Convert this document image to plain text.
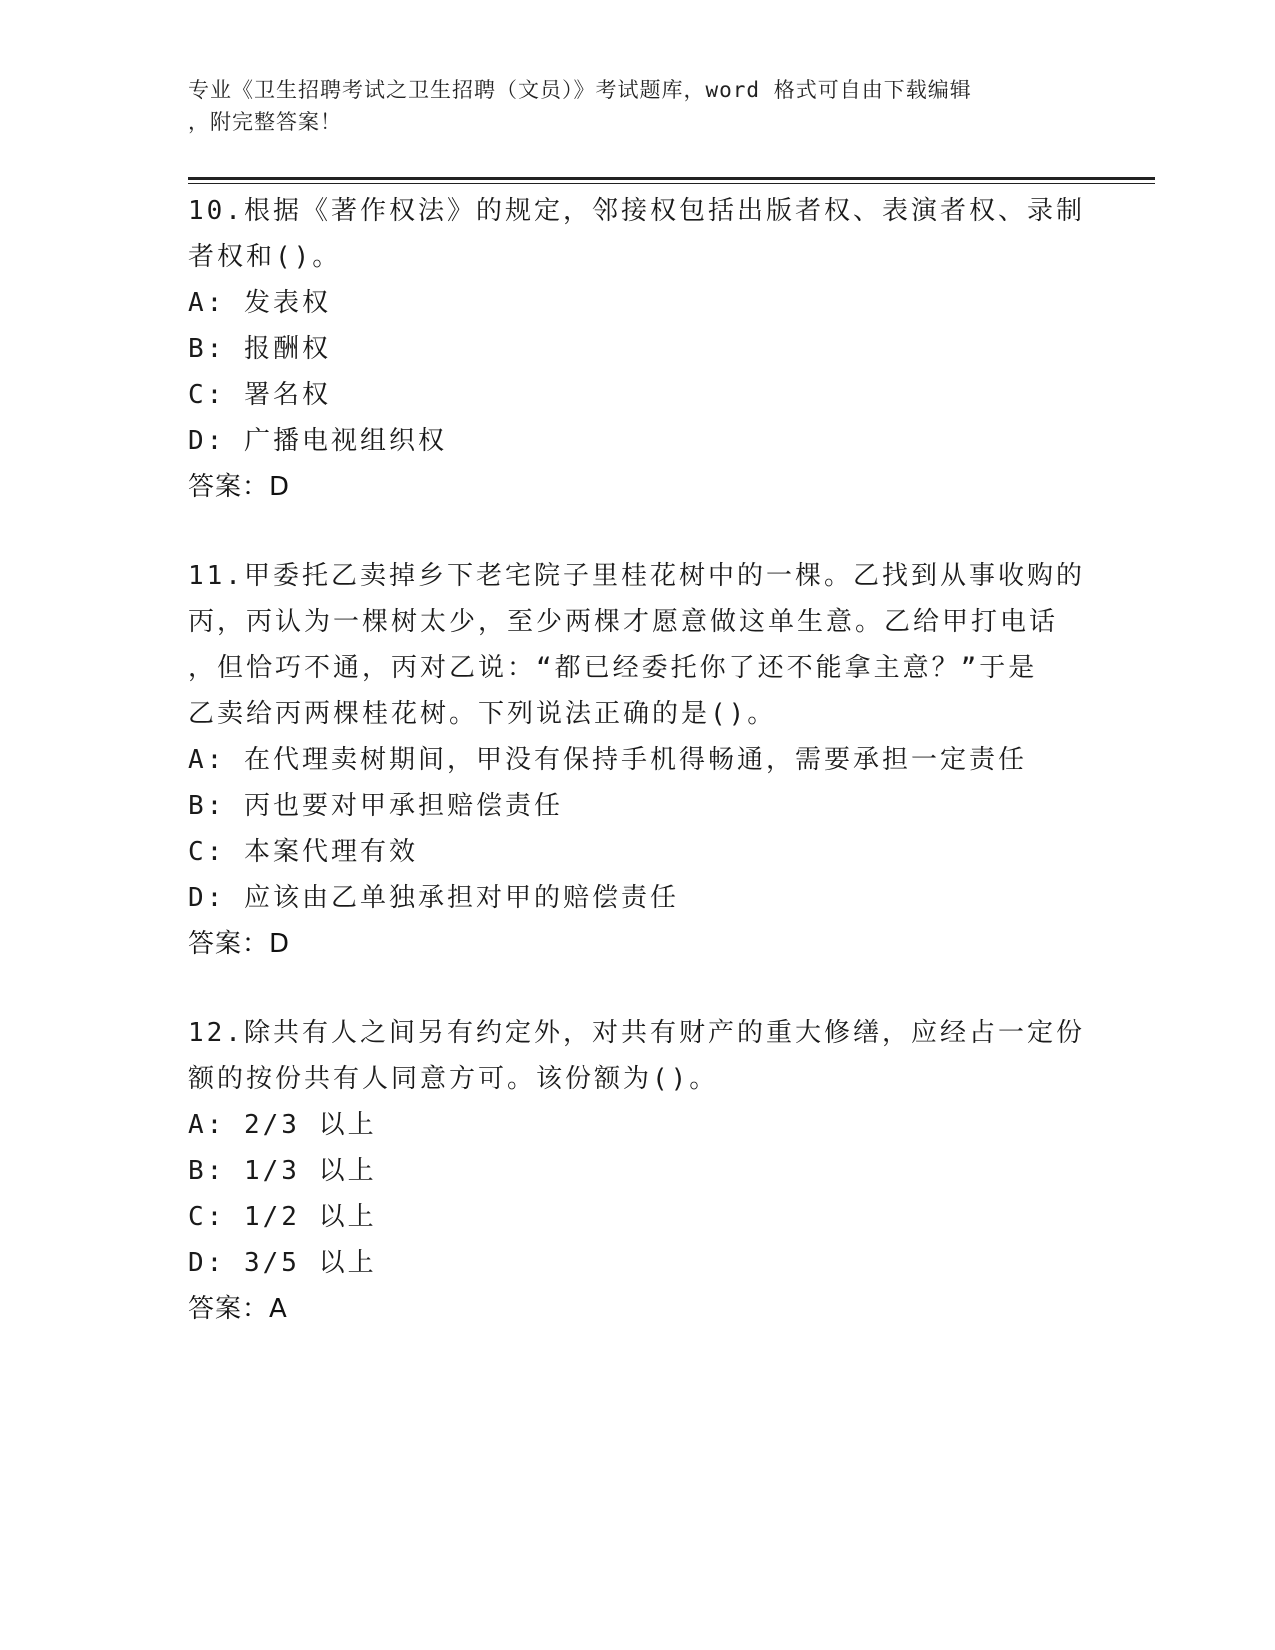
专业《卫生招聘考试之卫生招聘（文员）》考试题库，word 格式可自由下载编辑
，附完整答案！
10.根据《著作权法》的规定，邻接权包括出版者权、表演者权、录制
者权和()。
A: 发表权
B: 报酬权
C: 署名权
D: 广播电视组织权
答案：D
11.甲委托乙卖掉乡下老宅院子里桂花树中的一棵。乙找到从事收购的
丙，丙认为一棵树太少，至少两棵才愿意做这单生意。乙给甲打电话
，但恰巧不通，丙对乙说：“都已经委托你了还不能拿主意？”于是
乙卖给丙两棵桂花树。下列说法正确的是()。
A: 在代理卖树期间，甲没有保持手机得畅通，需要承担一定责任
B: 丙也要对甲承担赔偿责任
C: 本案代理有效
D: 应该由乙单独承担对甲的赔偿责任
答案：D
12.除共有人之间另有约定外，对共有财产的重大修缮，应经占一定份
额的按份共有人同意方可。该份额为()。
A: 2/3 以上
B: 1/3 以上
C: 1/2 以上
D: 3/5 以上
答案：A
